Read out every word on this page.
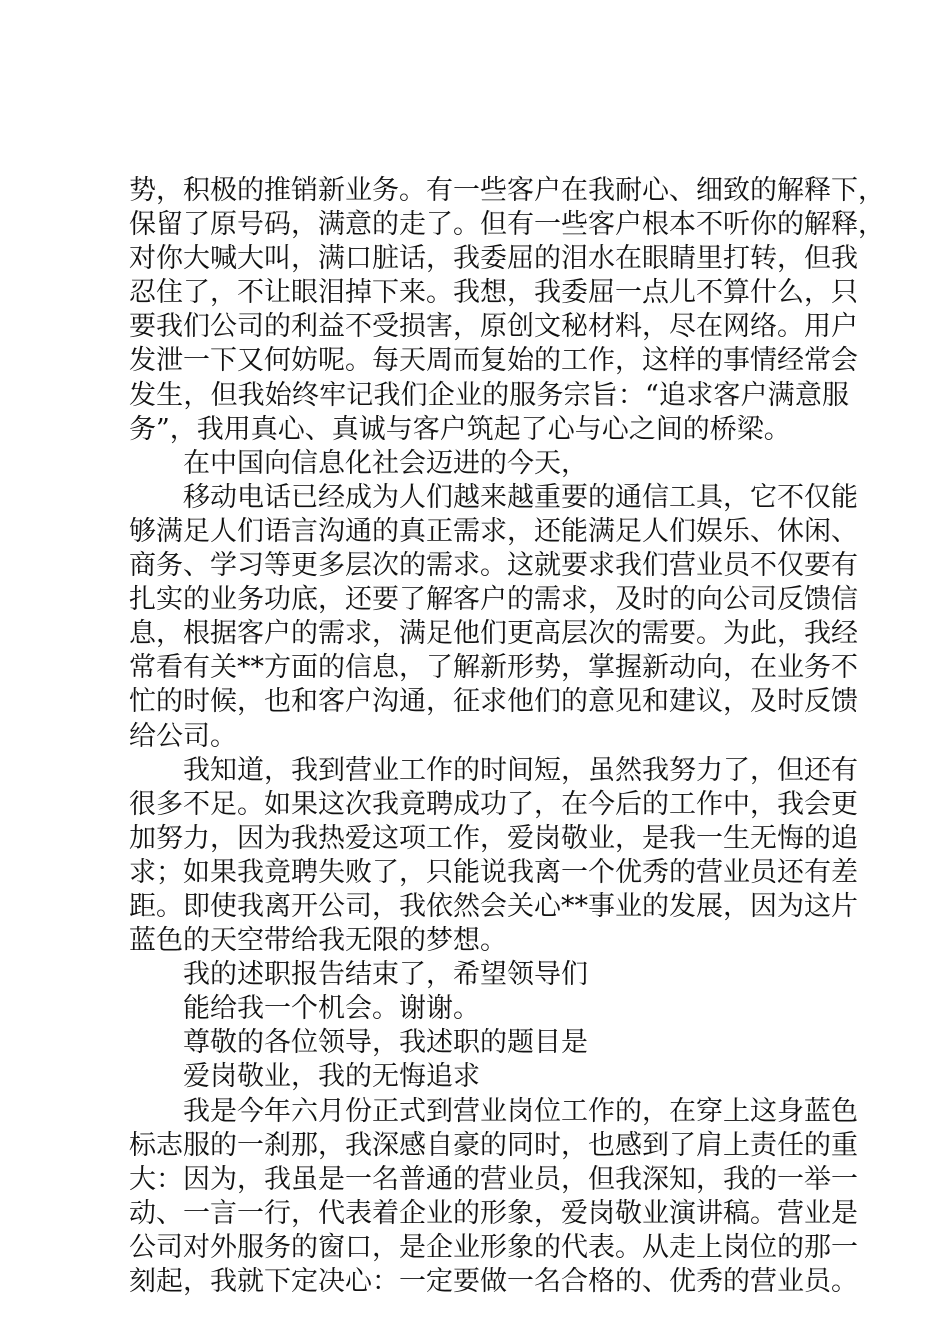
势，积极的推销新业务。有一些客户在我耐心、细致的解释下，
保留了原号码，满意的走了。但有一些客户根本不听你的解释，
对你大喊大叫，满口脏话，我委屈的泪水在眼睛里打转，但我
忍住了，不让眼泪掉下来。我想，我委屈一点儿不算什么，只
要我们公司的利益不受损害，原创文秘材料，尽在网络。用户
发泄一下又何妨呢。每天周而复始的工作，这样的事情经常会
发生，但我始终牢记我们企业的服务宗旨：“追求客户满意服
务”，我用真心、真诚与客户筑起了心与心之间的桥梁。
在中国向信息化社会迈进的今天，
移动电话已经成为人们越来越重要的通信工具，它不仅能
够满足人们语言沟通的真正需求，还能满足人们娱乐、休闲、
商务、学习等更多层次的需求。这就要求我们营业员不仅要有
扎实的业务功底，还要了解客户的需求，及时的向公司反馈信
息，根据客户的需求，满足他们更高层次的需要。为此，我经
常看有关**方面的信息，了解新形势，掌握新动向，在业务不
忙的时候，也和客户沟通，征求他们的意见和建议，及时反馈
给公司。
我知道，我到营业工作的时间短，虽然我努力了，但还有
很多不足。如果这次我竟聘成功了，在今后的工作中，我会更
加努力，因为我热爱这项工作，爱岗敬业，是我一生无悔的追
求；如果我竟聘失败了，只能说我离一个优秀的营业员还有差
距。即使我离开公司，我依然会关心**事业的发展，因为这片
蓝色的天空带给我无限的梦想。
我的述职报告结束了，希望领导们
能给我一个机会。谢谢。
尊敬的各位领导，我述职的题目是
爱岗敬业，我的无悔追求
我是今年六月份正式到营业岗位工作的，在穿上这身蓝色
标志服的一刹那，我深感自豪的同时，也感到了肩上责任的重
大：因为，我虽是一名普通的营业员，但我深知，我的一举一
动、一言一行，代表着企业的形象，爱岗敬业演讲稿。营业是
公司对外服务的窗口，是企业形象的代表。从走上岗位的那一
刻起，我就下定决心：一定要做一名合格的、优秀的营业员。
